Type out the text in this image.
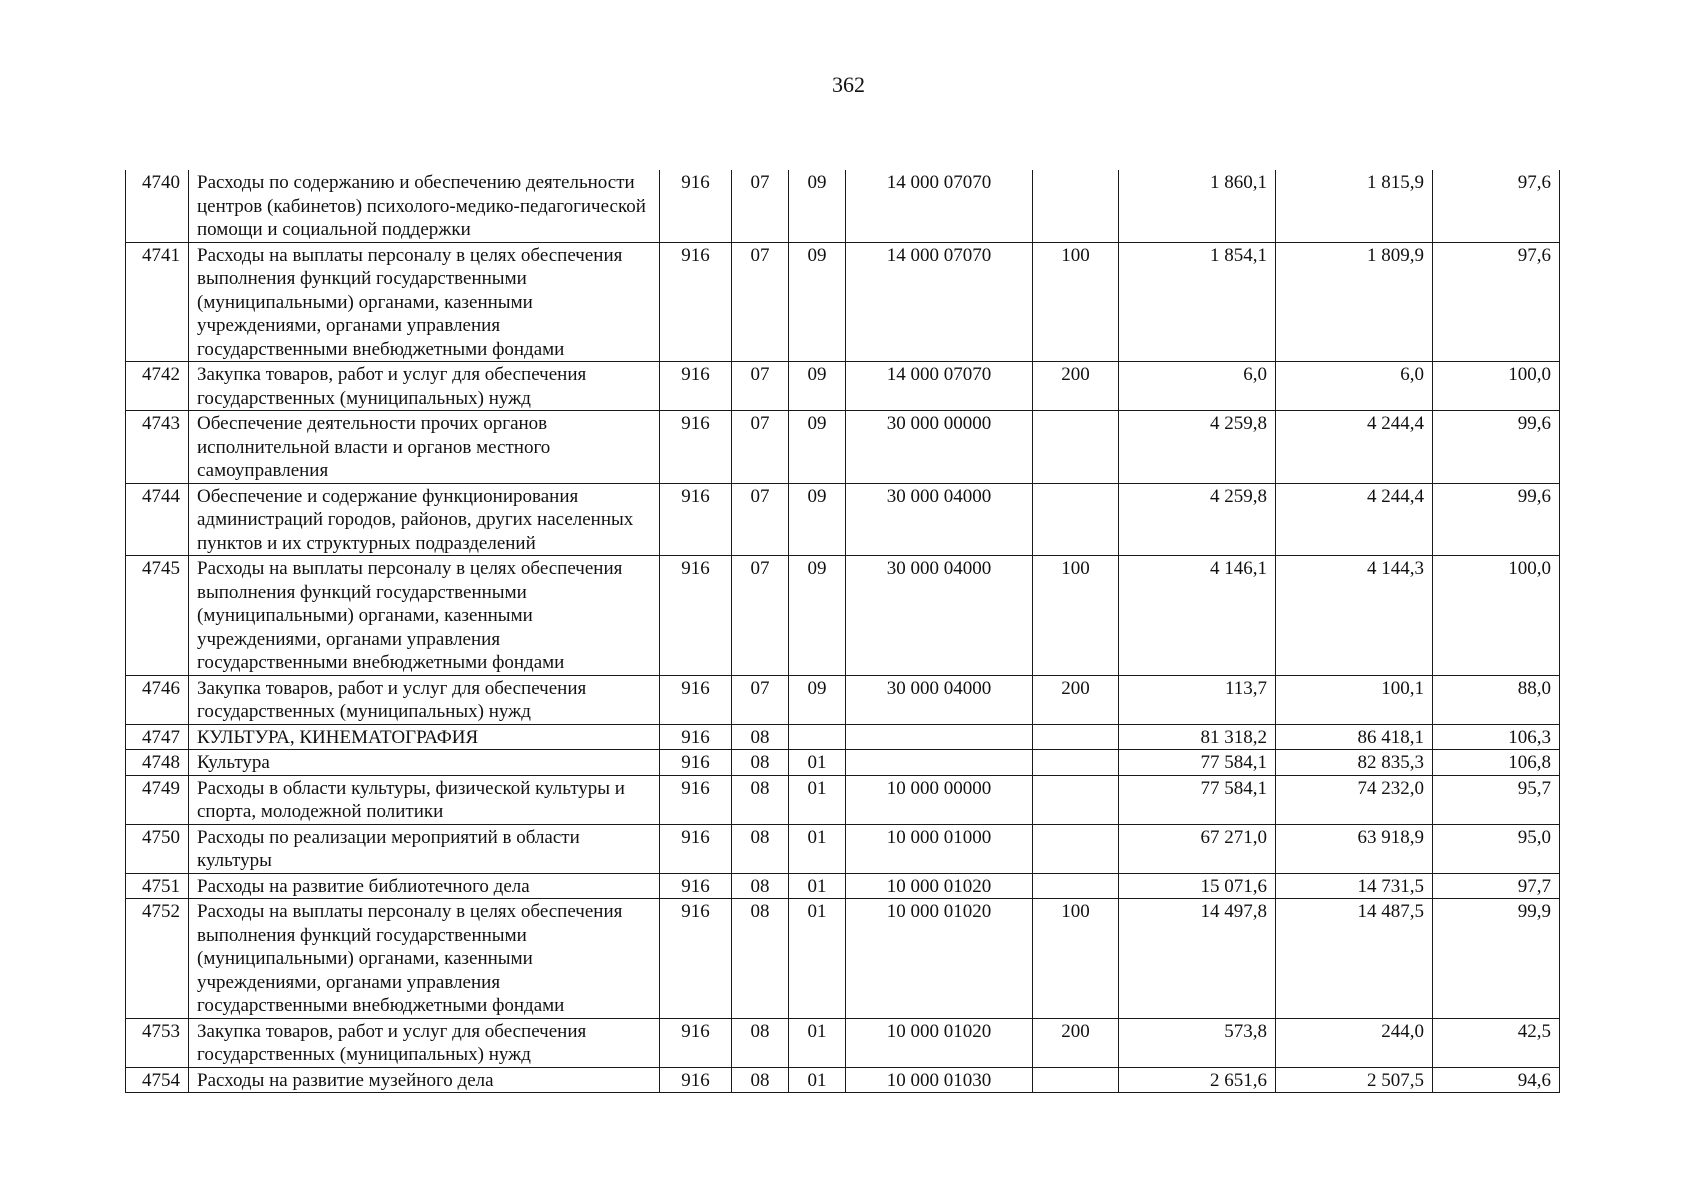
362
4740	Расходы по содержанию и обеспечению деятельности центров (кабинетов) психолого-медико-педагогической помощи и социальной поддержки	916	07	09	14 000 07070		1 860,1	1 815,9	97,6
4741	Расходы на выплаты персоналу в целях обеспечения выполнения функций государственными (муниципальными) органами, казенными учреждениями, органами управления государственными внебюджетными фондами	916	07	09	14 000 07070	100	1 854,1	1 809,9	97,6
4742	Закупка товаров, работ и услуг для обеспечения государственных (муниципальных) нужд	916	07	09	14 000 07070	200	6,0	6,0	100,0
4743	Обеспечение деятельности прочих органов исполнительной власти и органов местного самоуправления	916	07	09	30 000 00000		4 259,8	4 244,4	99,6
4744	Обеспечение и содержание функционирования администраций городов, районов, других населенных пунктов и их структурных подразделений	916	07	09	30 000 04000		4 259,8	4 244,4	99,6
4745	Расходы на выплаты персоналу в целях обеспечения выполнения функций государственными (муниципальными) органами, казенными учреждениями, органами управления государственными внебюджетными фондами	916	07	09	30 000 04000	100	4 146,1	4 144,3	100,0
4746	Закупка товаров, работ и услуг для обеспечения государственных (муниципальных) нужд	916	07	09	30 000 04000	200	113,7	100,1	88,0
4747	КУЛЬТУРА, КИНЕМАТОГРАФИЯ	916	08				81 318,2	86 418,1	106,3
4748	Культура	916	08	01			77 584,1	82 835,3	106,8
4749	Расходы в области культуры, физической культуры и спорта, молодежной политики	916	08	01	10 000 00000		77 584,1	74 232,0	95,7
4750	Расходы по реализации мероприятий в области культуры	916	08	01	10 000 01000		67 271,0	63 918,9	95,0
4751	Расходы на развитие библиотечного дела	916	08	01	10 000 01020		15 071,6	14 731,5	97,7
4752	Расходы на выплаты персоналу в целях обеспечения выполнения функций государственными (муниципальными) органами, казенными учреждениями, органами управления государственными внебюджетными фондами	916	08	01	10 000 01020	100	14 497,8	14 487,5	99,9
4753	Закупка товаров, работ и услуг для обеспечения государственных (муниципальных) нужд	916	08	01	10 000 01020	200	573,8	244,0	42,5
4754	Расходы на развитие музейного дела	916	08	01	10 000 01030		2 651,6	2 507,5	94,6
